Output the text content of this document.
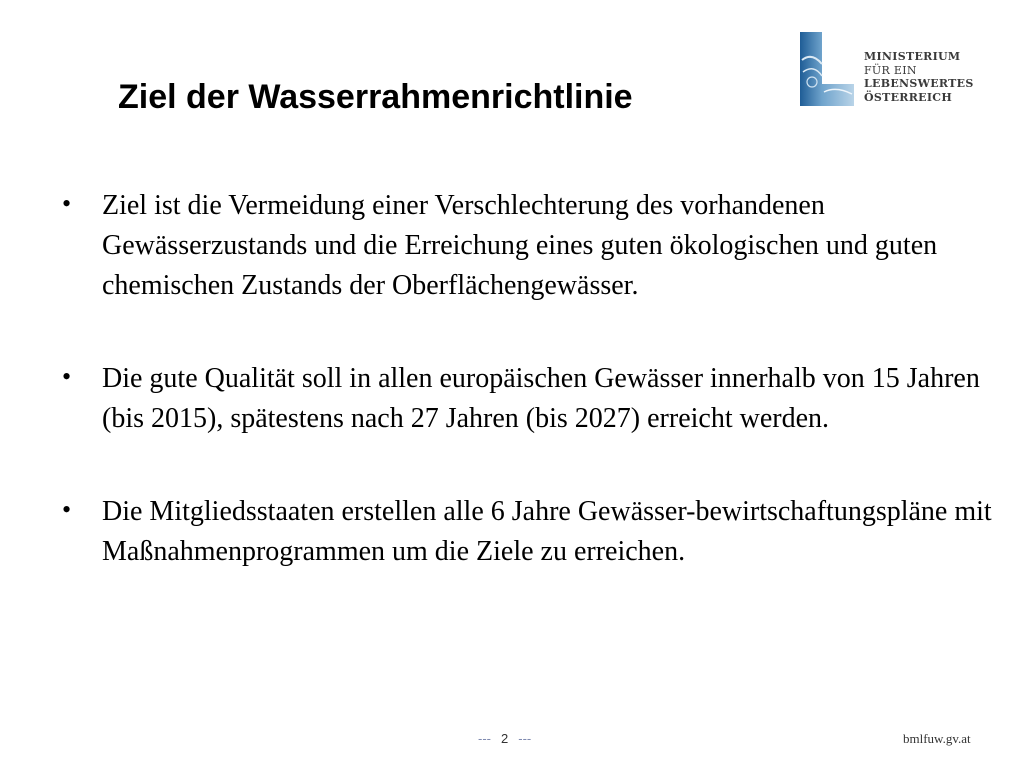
Ziel der Wasserrahmenrichtlinie
MINISTERIUM
FÜR EIN
LEBENSWERTES
ÖSTERREICH
• Ziel ist die Vermeidung einer Verschlechterung des vorhandenen Gewässerzustands und die Erreichung eines guten ökologischen und guten chemischen Zustands der Oberflächengewässer.
• Die gute Qualität soll in allen europäischen Gewässer innerhalb von 15 Jahren (bis 2015), spätestens nach 27 Jahren (bis 2027) erreicht werden.
• Die Mitgliedsstaaten erstellen alle 6 Jahre Gewässer-bewirtschaftungspläne mit Maßnahmenprogrammen um die Ziele zu erreichen.
--- 2 ---	bmlfuw.gv.at
